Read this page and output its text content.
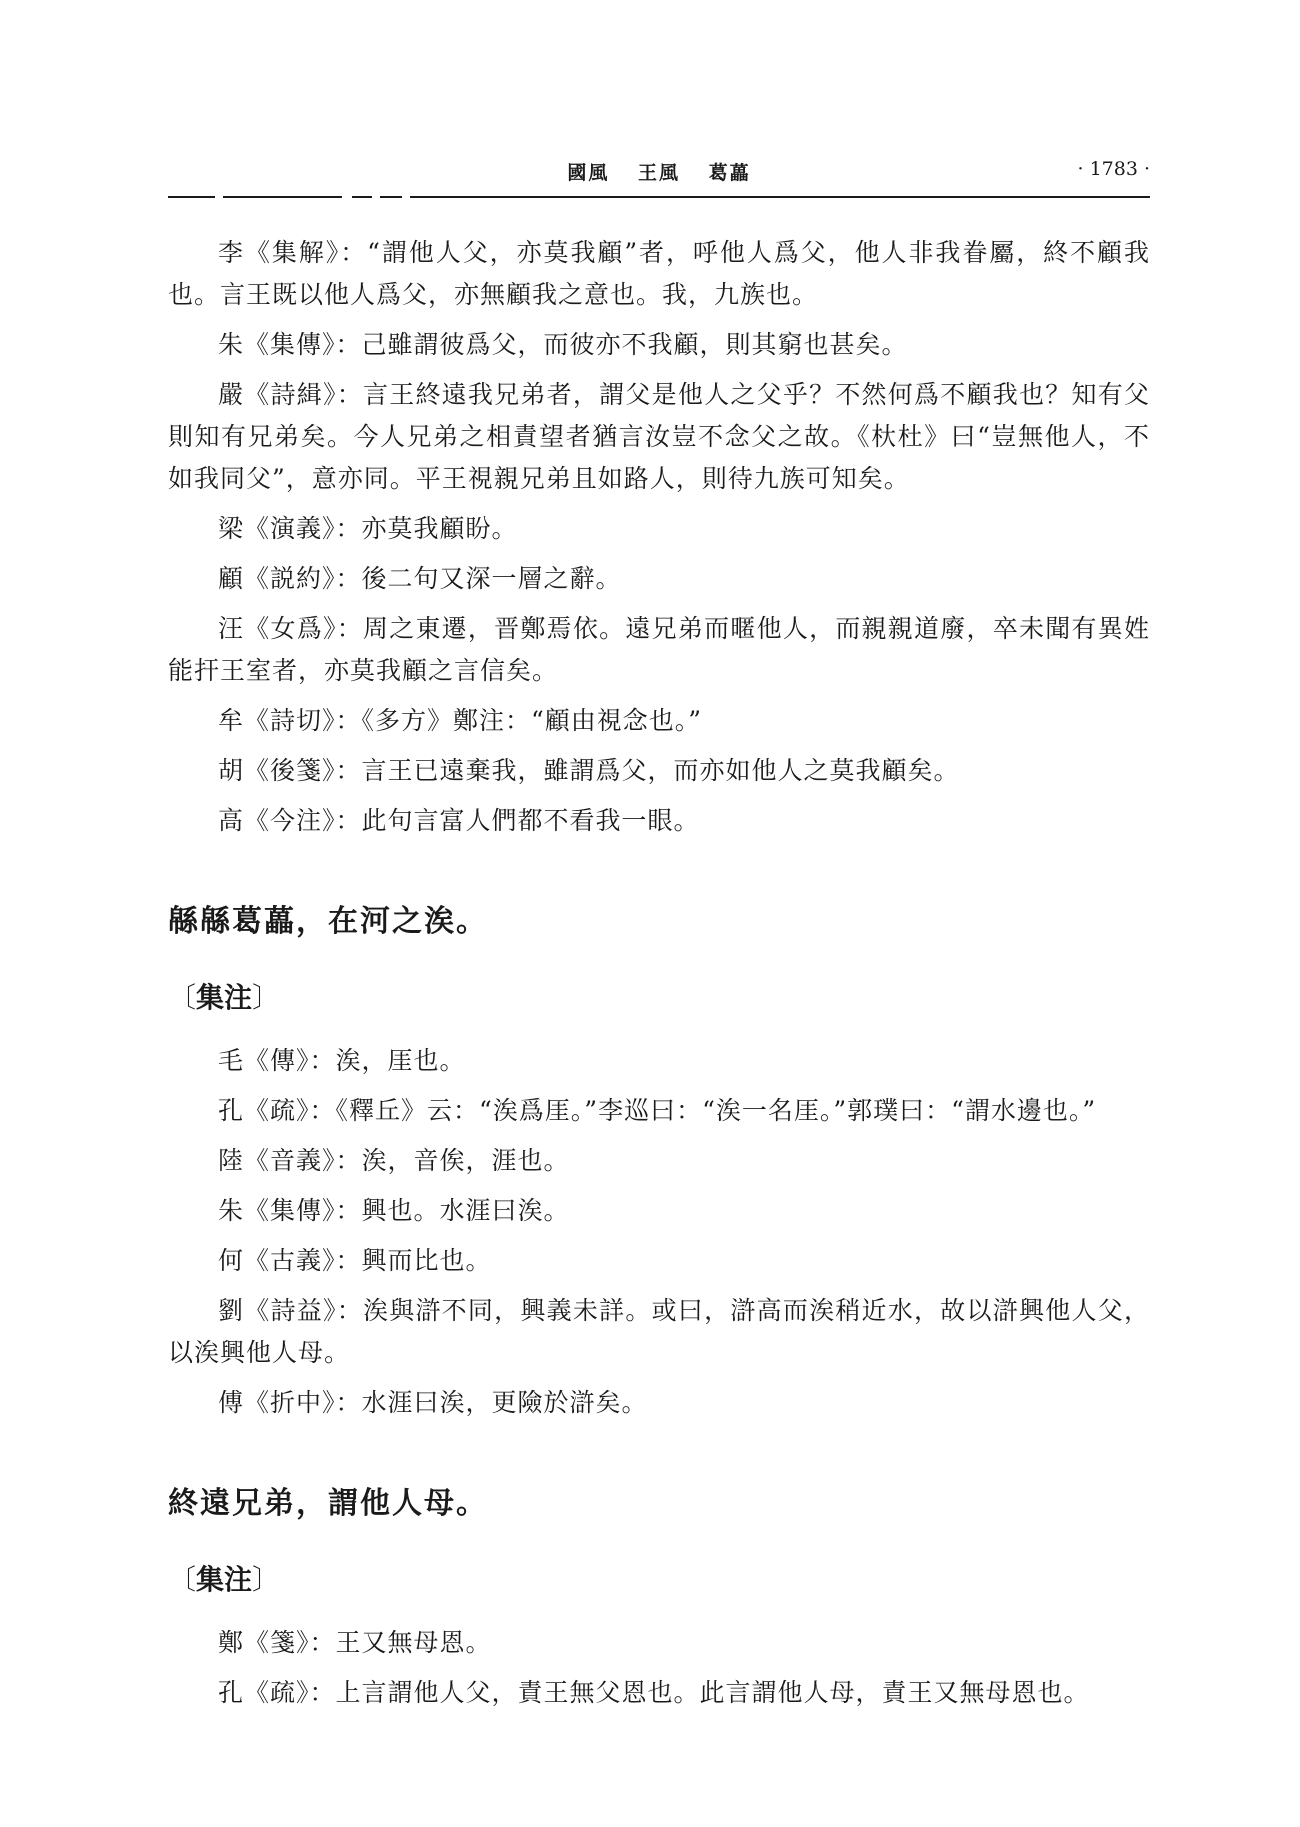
國風 王風 葛藟	· 1783 ·

李《集解》：“謂他人父，亦莫我顧”者，呼他人爲父，他人非我眷屬，終不顧我也。言王既以他人爲父，亦無顧我之意也。我，九族也。

朱《集傳》：己雖謂彼爲父，而彼亦不我顧，則其窮也甚矣。

嚴《詩緝》：言王終遠我兄弟者，謂父是他人之父乎？不然何爲不顧我也？知有父則知有兄弟矣。今人兄弟之相責望者猶言汝豈不念父之故。《杕杜》曰“豈無他人，不如我同父”，意亦同。平王視親兄弟且如路人，則待九族可知矣。

梁《演義》：亦莫我顧盼。

顧《説約》：後二句又深一層之辭。

汪《女爲》：周之東遷，晋鄭焉依。遠兄弟而暱他人，而親親道廢，卒未聞有異姓能扞王室者，亦莫我顧之言信矣。

牟《詩切》：《多方》鄭注：“顧由視念也。”

胡《後箋》：言王已遠棄我，雖謂爲父，而亦如他人之莫我顧矣。

高《今注》：此句言富人們都不看我一眼。

緜緜葛藟，在河之涘。
〔集注〕

毛《傳》：涘，厓也。

孔《疏》：《釋丘》云：“涘爲厓。”李巡曰：“涘一名厓。”郭璞曰：“謂水邊也。”

陸《音義》：涘，音俟，涯也。

朱《集傳》：興也。水涯曰涘。

何《古義》：興而比也。

劉《詩益》：涘與滸不同，興義未詳。或曰，滸高而涘稍近水，故以滸興他人父，以涘興他人母。

傅《折中》：水涯曰涘，更險於滸矣。

終遠兄弟，謂他人母。
〔集注〕

鄭《箋》：王又無母恩。

孔《疏》：上言謂他人父，責王無父恩也。此言謂他人母，責王又無母恩也。
